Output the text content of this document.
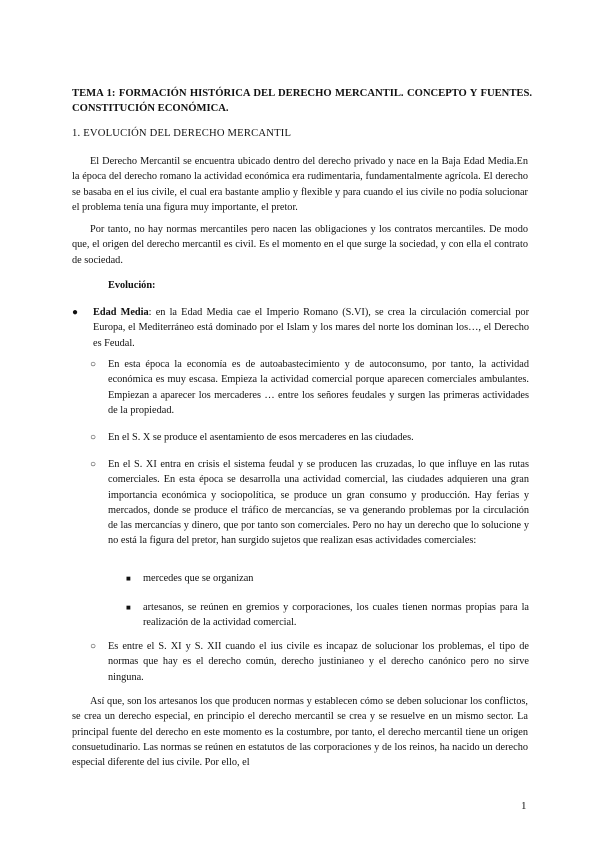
TEMA 1: FORMACIÓN HISTÓRICA DEL DERECHO MERCANTIL. CONCEPTO Y FUENTES. CONSTITUCIÓN ECONÓMICA.
1. EVOLUCIÓN DEL DERECHO MERCANTIL
El Derecho Mercantil se encuentra ubicado dentro del derecho privado y nace en la Baja Edad Media.En la época del derecho romano la actividad económica era rudimentaria, fundamentalmente agrícola. El derecho se basaba en el ius civile, el cual era bastante amplio y flexible y para cuando el ius civile no podía solucionar el problema tenía una figura muy importante, el pretor.
Por tanto, no hay normas mercantiles pero nacen las obligaciones y los contratos mercantiles. De modo que, el origen del derecho mercantil es civil. Es el momento en el que surge la sociedad, y con ella el contrato de sociedad.
Evolución:
● Edad Media: en la Edad Media cae el Imperio Romano (S.VI), se crea la circulación comercial por Europa, el Mediterráneo está dominado por el Islam y los mares del norte los dominan los…, el Derecho es Feudal.
○ En esta época la economía es de autoabastecimiento y de autoconsumo, por tanto, la actividad económica es muy escasa. Empieza la actividad comercial porque aparecen comerciales ambulantes. Empiezan a aparecer los mercaderes … entre los señores feudales y surgen las primeras actividades de la propiedad.
○ En el S. X se produce el asentamiento de esos mercaderes en las ciudades.
○ En el S. XI entra en crisis el sistema feudal y se producen las cruzadas, lo que influye en las rutas comerciales. En esta época se desarrolla una actividad comercial, las ciudades adquieren una gran importancia económica y sociopolítica, se produce un gran consumo y producción. Hay ferias y mercados, donde se produce el tráfico de mercancías, se va generando problemas por la circulación de las mercancías y dinero, que por tanto son comerciales. Pero no hay un derecho que lo solucione y no está la figura del pretor, han surgido sujetos que realizan esas actividades comerciales:
■ mercedes que se organizan
■ artesanos, se reúnen en gremios y corporaciones, los cuales tienen normas propias para la realización de la actividad comercial.
○ Es entre el S. XI y S. XII cuando el ius civile es incapaz de solucionar los problemas, el tipo de normas que hay es el derecho común, derecho justinianeo y el derecho canónico pero no sirve ninguna.
Así que, son los artesanos los que producen normas y establecen cómo se deben solucionar los conflictos, se crea un derecho especial, en principio el derecho mercantil se crea y se resuelve en un mismo sector. La principal fuente del derecho en este momento es la costumbre, por tanto, el derecho mercantil tiene un origen consuetudinario. Las normas se reúnen en estatutos de las corporaciones y de los reinos, ha nacido un derecho especial diferente del ius civile. Por ello, el
1
